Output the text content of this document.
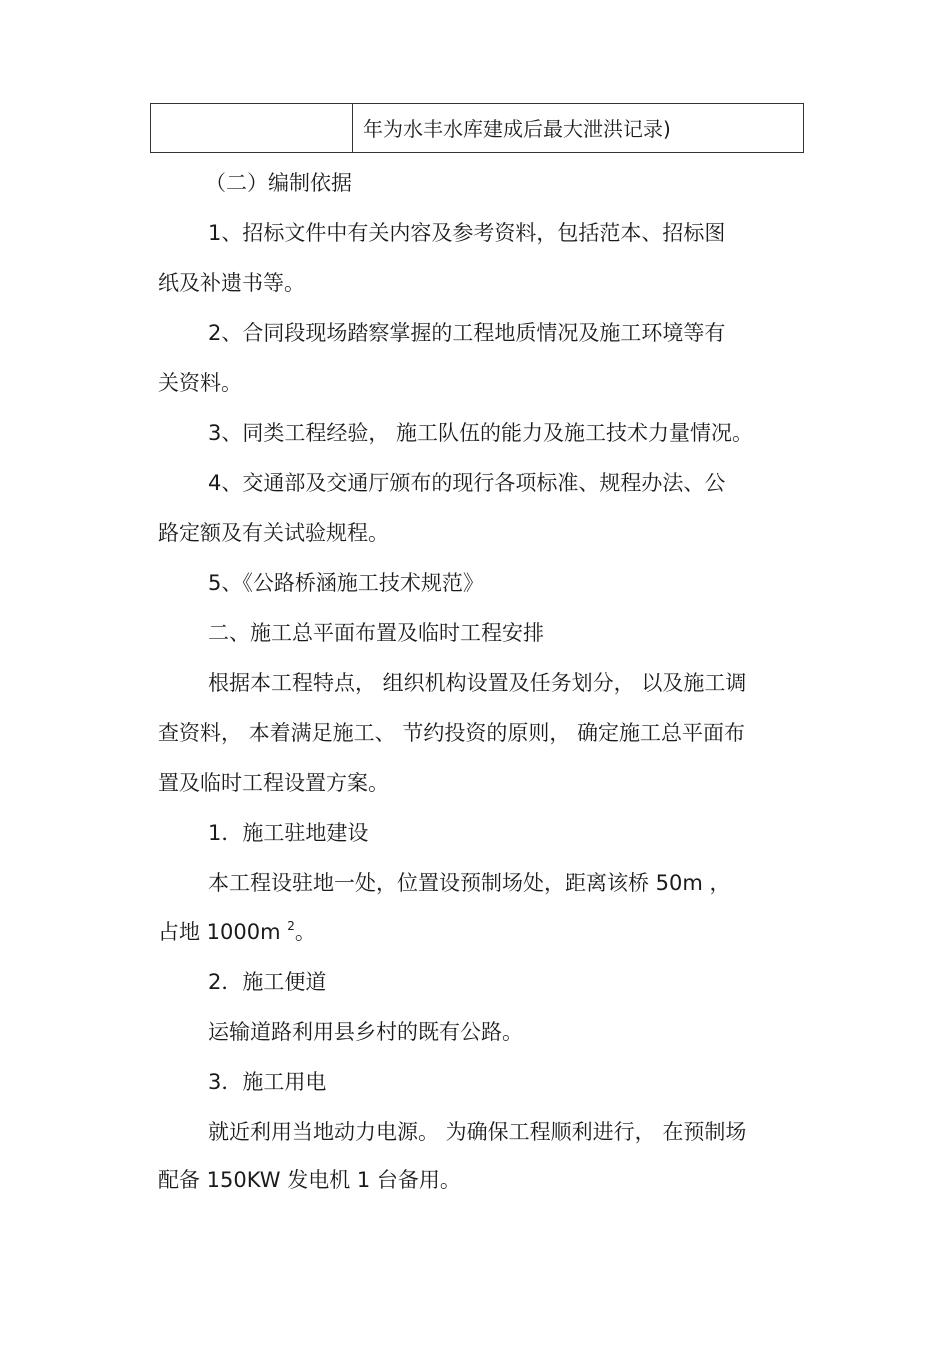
年为水丰水库建成后最大泄洪记录)
（二）编制依据
1、招标文件中有关内容及参考资料，包括范本、招标图
纸及补遗书等。
2、合同段现场踏察掌握的工程地质情况及施工环境等有
关资料。
3、同类工程经验， 施工队伍的能力及施工技术力量情况。
4、交通部及交通厅颁布的现行各项标准、规程办法、公
路定额及有关试验规程。
5、《公路桥涵施工技术规范》
二、施工总平面布置及临时工程安排
根据本工程特点， 组织机构设置及任务划分， 以及施工调
查资料， 本着满足施工、 节约投资的原则， 确定施工总平面布
置及临时工程设置方案。
1．施工驻地建设
本工程设驻地一处，位置设预制场处，距离该桥 50m ，
占地 1000m $^2$。
2．施工便道
运输道路利用县乡村的既有公路。
3．施工用电
就近利用当地动力电源。 为确保工程顺利进行， 在预制场
配备 150KW 发电机 1 台备用。
